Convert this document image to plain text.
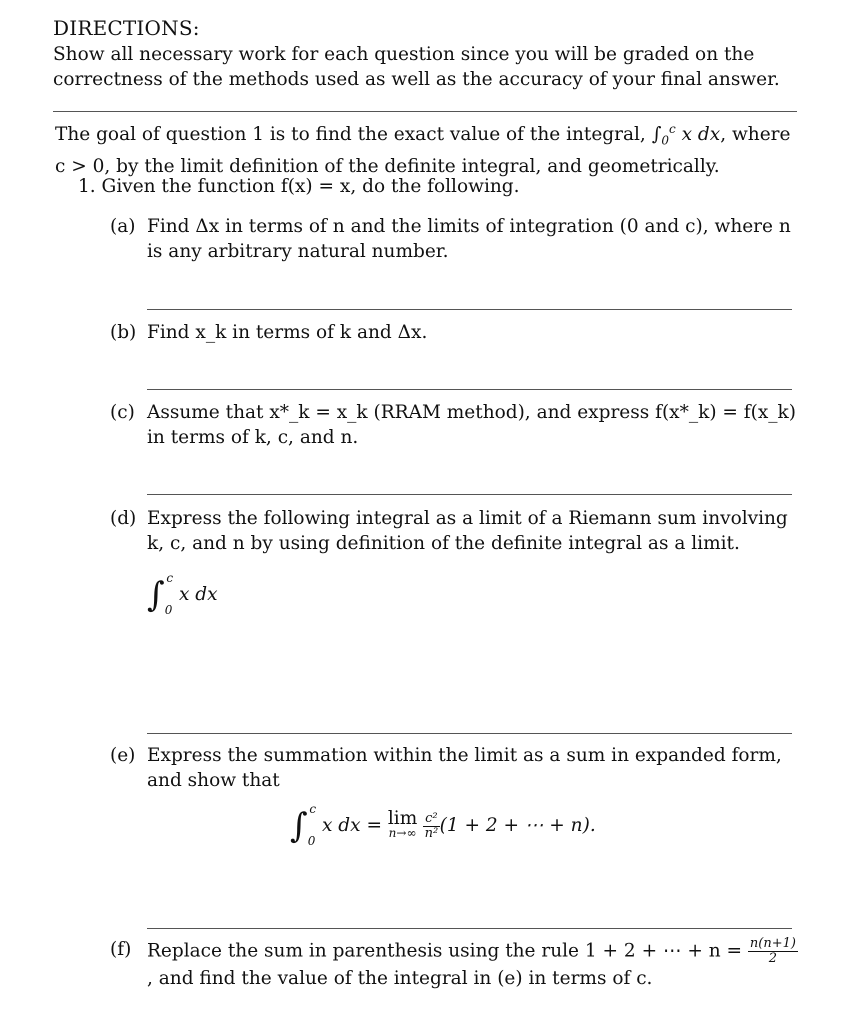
DIRECTIONS:
Show all necessary work for each question since you will be graded on the correctness of the methods used as well as the accuracy of your final answer.
The goal of question 1 is to find the exact value of the integral, $\int_0^c$ x dx, where c > 0, by the limit definition of the definite integral, and geometrically.
1. Given the function f(x) = x, do the following.
(a) Find Δx in terms of n and the limits of integration (0 and c), where n is any arbitrary natural number.
(b) Find x_k in terms of k and Δx.
(c) Assume that x*_k = x_k (RRAM method), and express f(x*_k) = f(x_k) in terms of k, c, and n.
(d) Express the following integral as a limit of a Riemann sum involving k, c, and n by using definition of the definite integral as a limit.
$\int_0^c$ x dx
(e) Express the summation within the limit as a sum in expanded form, and show that
$\int_0^c$ x dx = lim
n→∞
$\frac{\text{c²}}{\text{n²}} (1 + 2$ + ⋯ + n).
(f) Replace the sum in parenthesis using the rule 1 + 2 + ⋯ + $n = \frac{n(n+1)}{2}$
, and find the value of the integral in (e) in terms of c.
